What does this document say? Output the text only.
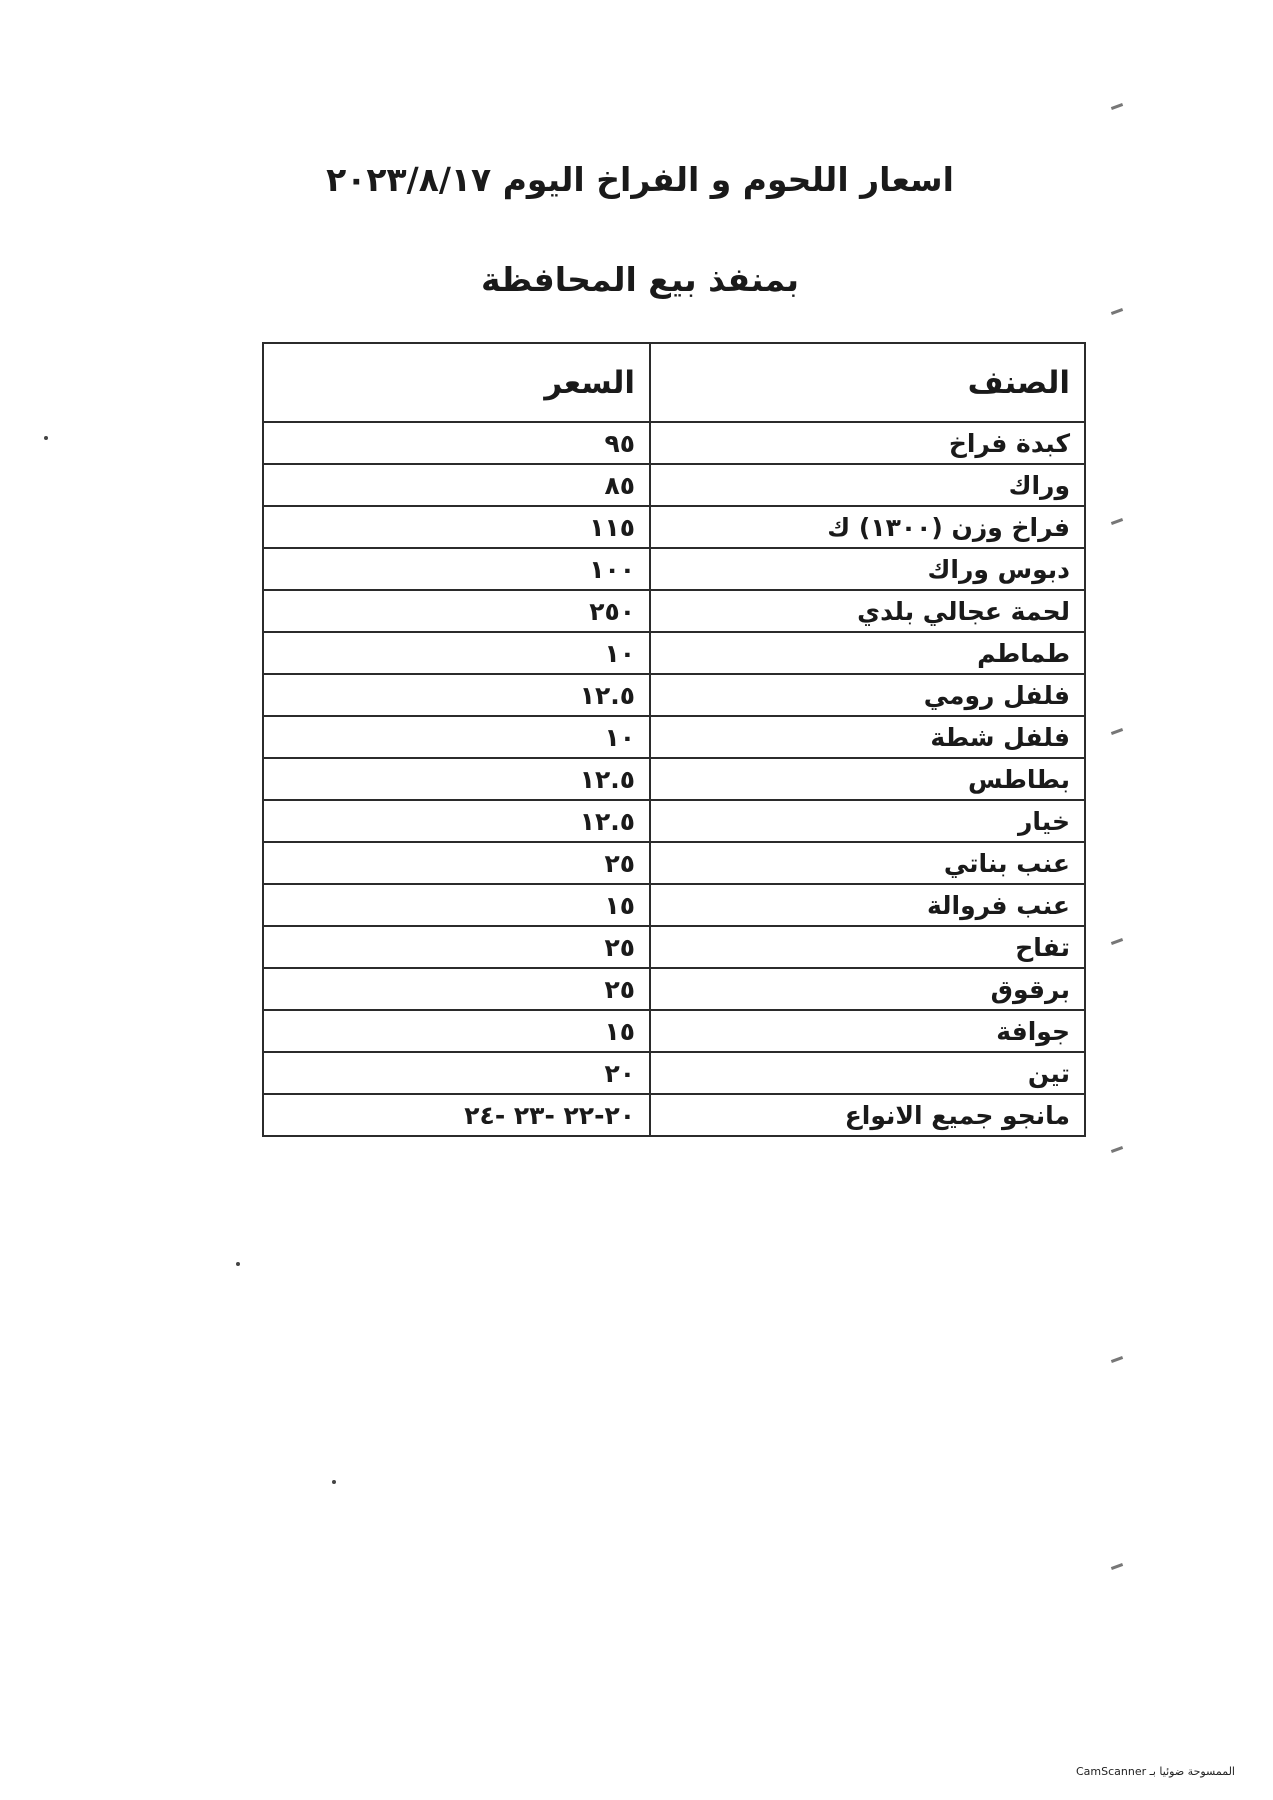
اسعار اللحوم و الفراخ اليوم ٢٠٢٣/٨/١٧
بمنفذ بيع المحافظة
الصنف	السعر
كبدة فراخ	٩٥
وراك	٨٥
فراخ وزن (١٣٠٠) ك	١١٥
دبوس وراك	١٠٠
لحمة عجالي بلدي	٢٥٠
طماطم	١٠
فلفل رومي	١٢.٥
فلفل شطة	١٠
بطاطس	١٢.٥
خيار	١٢.٥
عنب بناتي	٢٥
عنب فروالة	١٥
تفاح	٢٥
برقوق	٢٥
جوافة	١٥
تين	٢٠
مانجو جميع الانواع	٢٠-٢٢ -٢٣ -٢٤
الممسوحة ضوئيا بـ CamScanner
